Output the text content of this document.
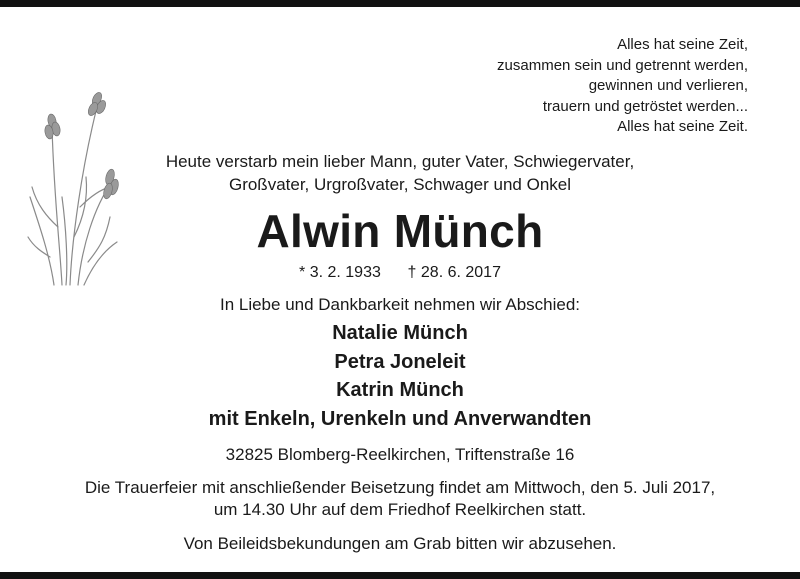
Alles hat seine Zeit,
zusammen sein und getrennt werden,
gewinnen und verlieren,
trauern und getröstet werden...
Alles hat seine Zeit.
Heute verstarb mein lieber Mann, guter Vater, Schwiegervater,
Großvater, Urgroßvater, Schwager und Onkel
Alwin Münch
* 3. 2. 1933      † 28. 6. 2017
In Liebe und Dankbarkeit nehmen wir Abschied:
Natalie Münch
Petra Joneleit
Katrin Münch
mit Enkeln, Urenkeln und Anverwandten
32825 Blomberg-Reelkirchen, Triftenstraße 16
Die Trauerfeier mit anschließender Beisetzung findet am Mittwoch, den 5. Juli 2017,
um 14.30 Uhr auf dem Friedhof Reelkirchen statt.
Von Beileidsbekundungen am Grab bitten wir abzusehen.
